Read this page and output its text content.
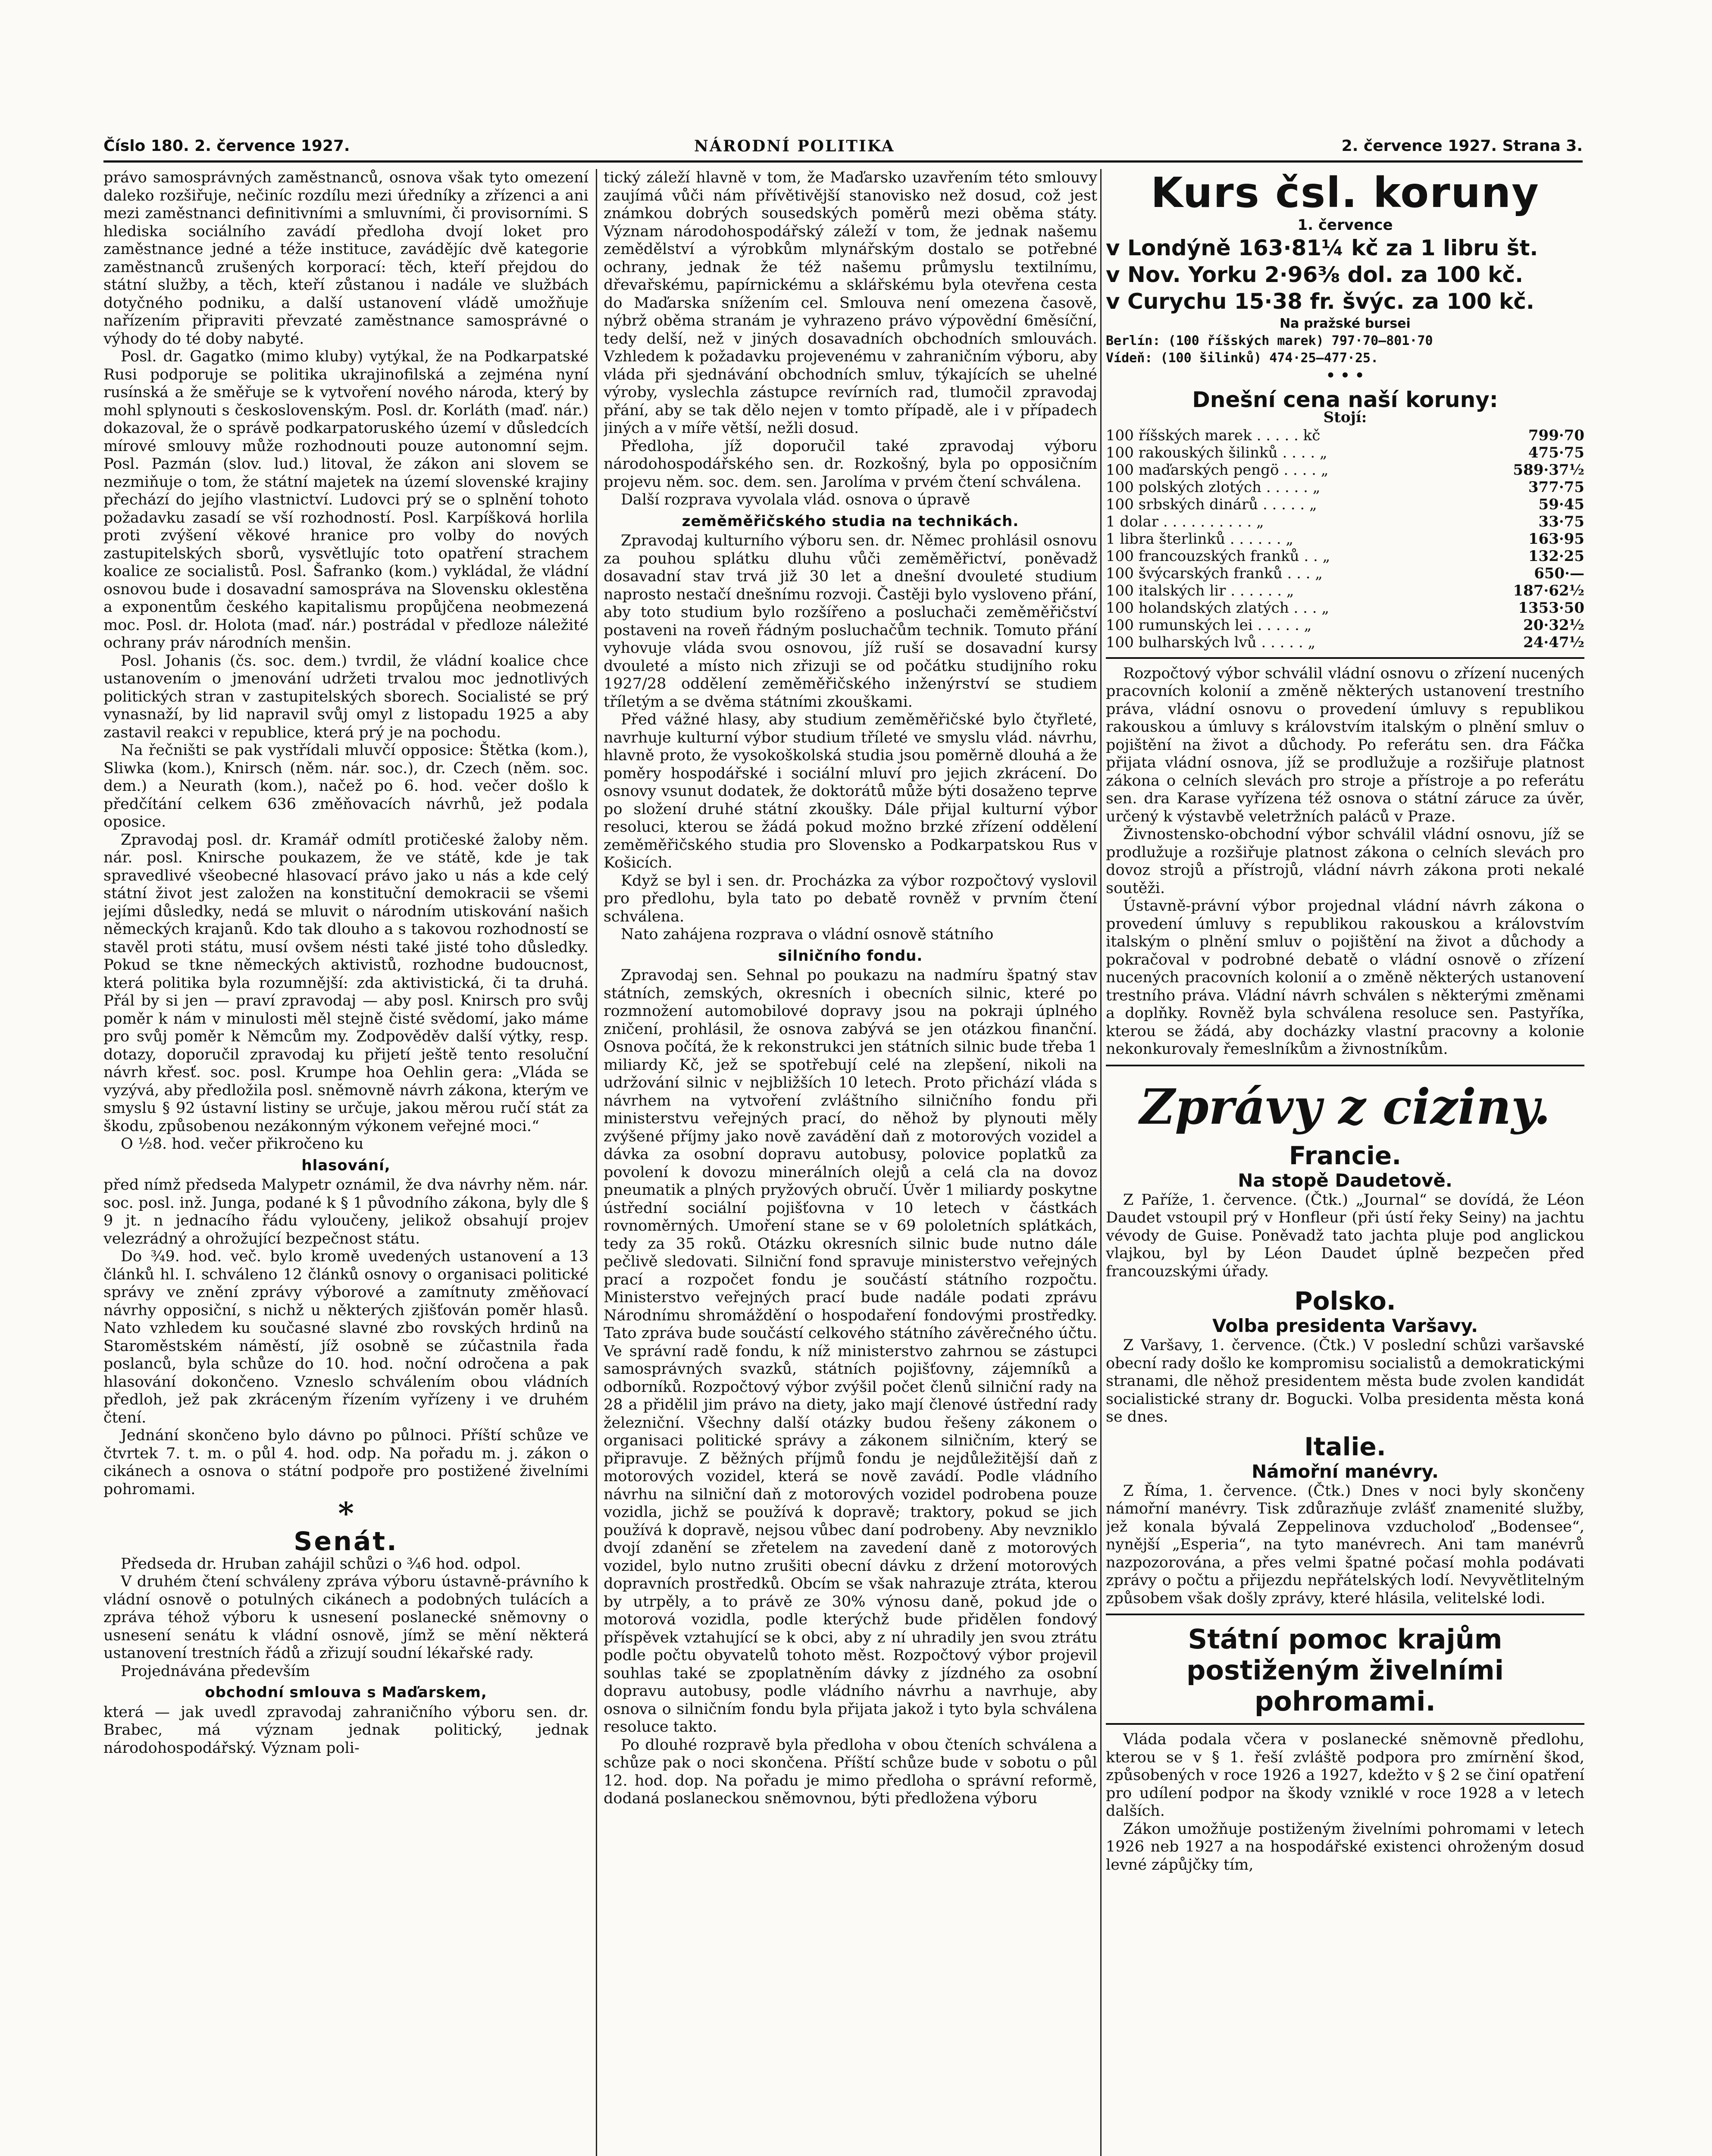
Číslo 180. 2. července 1927.	NÁRODNÍ POLITIKA	2. července 1927. Strana 3.

právo samosprávných zaměstnanců, osnova však tyto omezení daleko rozšiřuje, nečiníc rozdílu mezi úředníky a zřízenci a ani mezi zaměstnanci definitivními a smluvními, či provisorními. S hlediska sociálního zavádí předloha dvojí loket pro zaměstnance jedné a téže instituce, zavádějíc dvě kategorie zaměstnanců zrušených korporací: těch, kteří přejdou do státní služby, a těch, kteří zůstanou i nadále ve službách dotyčného podniku, a další ustanovení vládě umožňuje nařízením připraviti převzaté zaměstnance samosprávné o výhody do té doby nabyté.

Posl. dr. Gagatko (mimo kluby) vytýkal, že na Podkarpatské Rusi podporuje se politika ukrajinofilská a zejména nyní rusínská a že směřuje se k vytvoření nového národa, který by mohl splynouti s československým. Posl. dr. Korláth (maď. nár.) dokazoval, že o správě podkarpatoruského území v důsledcích mírové smlouvy může rozhodnouti pouze autonomní sejm. Posl. Pazmán (slov. lud.) litoval, že zákon ani slovem se nezmiňuje o tom, že státní majetek na území slovenské krajiny přechází do jejího vlastnictví. Ludovci prý se o splnění tohoto požadavku zasadí se vší rozhodností. Posl. Karpíšková horlila proti zvýšení věkové hranice pro volby do nových zastupitelských sborů, vysvětlujíc toto opatření strachem koalice ze socialistů. Posl. Šafranko (kom.) vykládal, že vládní osnovou bude i dosavadní samospráva na Slovensku oklestěna a exponentům českého kapitalismu propůjčena neobmezená moc. Posl. dr. Holota (maď. nár.) postrádal v předloze náležité ochrany práv národních menšin.

Posl. Johanis (čs. soc. dem.) tvrdil, že vládní koalice chce ustanovením o jmenování udržeti trvalou moc jednotlivých politických stran v zastupitelských sborech. Socialisté se prý vynasnaží, by lid napravil svůj omyl z listopadu 1925 a aby zastavil reakci v republice, která prý je na pochodu.

Na řečništi se pak vystřídali mluvčí opposice: Štětka (kom.), Sliwka (kom.), Knirsch (něm. nár. soc.), dr. Czech (něm. soc. dem.) a Neurath (kom.), načež po 6. hod. večer došlo k předčítání celkem 636 změňovacích návrhů, jež podala oposice.

Zpravodaj posl. dr. Kramář odmítl protičeské žaloby něm. nár. posl. Knirsche poukazem, že ve státě, kde je tak spravedlivé všeobecné hlasovací právo jako u nás a kde celý státní život jest založen na konstituční demokracii se všemi jejími důsledky, nedá se mluvit o národním utiskování našich německých krajanů. Kdo tak dlouho a s takovou rozhodností se stavěl proti státu, musí ovšem nésti také jisté toho důsledky. Pokud se tkne německých aktivistů, rozhodne budoucnost, která politika byla rozumnější: zda aktivistická, či ta druhá. Přál by si jen — praví zpravodaj — aby posl. Knirsch pro svůj poměr k nám v minulosti měl stejně čisté svědomí, jako máme pro svůj poměr k Němcům my. Zodpověděv další výtky, resp. dotazy, doporučil zpravodaj ku přijetí ještě tento resoluční návrh křesť. soc. posl. Krumpe hoa Oehlin gera: „Vláda se vyzývá, aby předložila posl. sněmovně návrh zákona, kterým ve smyslu § 92 ústavní listiny se určuje, jakou měrou ručí stát za škodu, způsobenou nezákonným výkonem veřejné moci.“

O ½8. hod. večer přikročeno ku

hlasování,

před nímž předseda Malypetr oznámil, že dva návrhy něm. nár. soc. posl. inž. Junga, podané k § 1 původního zákona, byly dle § 9 jt. n jednacího řádu vyloučeny, jelikož obsahují projev velezrádný a ohrožující bezpečnost státu.

Do ¾9. hod. več. bylo kromě uvedených ustanovení a 13 článků hl. I. schváleno 12 článků osnovy o organisaci politické správy ve znění zprávy výborové a zamítnuty změňovací návrhy opposiční, s nichž u některých zjišťován poměr hlasů. Nato vzhledem ku současné slavné zbo rovských hrdinů na Staroměstském náměstí, jíž osobně se zúčastnila řada poslanců, byla schůze do 10. hod. noční odročena a pak hlasování dokončeno. Vzneslo schválením obou vládních předloh, jež pak zkráceným řízením vyřízeny i ve druhém čtení.

Jednání skončeno bylo dávno po půlnoci. Příští schůze ve čtvrtek 7. t. m. o půl 4. hod. odp. Na pořadu m. j. zákon o cikánech a osnova o státní podpoře pro postižené živelními pohromami.

*
Senát.

Předseda dr. Hruban zahájil schůzi o ¾6 hod. odpol.

V druhém čtení schváleny zpráva výboru ústavně-právního k vládní osnově o potulných cikánech a podobných tulácích a zpráva téhož výboru k usnesení poslanecké sněmovny o usnesení senátu k vládní osnově, jímž se mění některá ustanovení trestních řádů a zřizují soudní lékařské rady.

Projednávána především

obchodní smlouva s Maďarskem,

která — jak uvedl zpravodaj zahraničního výboru sen. dr. Brabec, má význam jednak politický, jednak národohospodářský. Význam poli-

tický záleží hlavně v tom, že Maďarsko uzavřením této smlouvy zaujímá vůči nám přívětivější stanovisko než dosud, což jest známkou dobrých sousedských poměrů mezi oběma státy. Význam národohospodářský záleží v tom, že jednak našemu zemědělství a výrobkům mlynářským dostalo se potřebné ochrany, jednak že též našemu průmyslu textilnímu, dřevařskému, papírnickému a sklářskému byla otevřena cesta do Maďarska snížením cel. Smlouva není omezena časově, nýbrž oběma stranám je vyhrazeno právo výpovědní 6měsíční, tedy delší, než v jiných dosavadních obchodních smlouvách. Vzhledem k požadavku projevenému v zahraničním výboru, aby vláda při sjednávání obchodních smluv, týkajících se uhelné výroby, vyslechla zástupce revírních rad, tlumočil zpravodaj přání, aby se tak dělo nejen v tomto případě, ale i v případech jiných a v míře větší, nežli dosud.

Předloha, jíž doporučil také zpravodaj výboru národohospodářského sen. dr. Rozkošný, byla po opposičním projevu něm. soc. dem. sen. Jarolíma v prvém čtení schválena.

Další rozprava vyvolala vlád. osnova o úpravě

zeměměřičského studia na technikách.

Zpravodaj kulturního výboru sen. dr. Němec prohlásil osnovu za pouhou splátku dluhu vůči zeměměřictví, poněvadž dosavadní stav trvá již 30 let a dnešní dvouleté studium naprosto nestačí dnešnímu rozvoji. Častěji bylo vysloveno přání, aby toto studium bylo rozšířeno a posluchači zeměměřičství postaveni na roveň řádným posluchačům technik. Tomuto přání vyhovuje vláda svou osnovou, jíž ruší se dosavadní kursy dvouleté a místo nich zřizuji se od počátku studijního roku 1927/28 oddělení zeměměřičského inženýrství se studiem tříletým a se dvěma státními zkouškami.

Před vážné hlasy, aby studium zeměměřičské bylo čtyřleté, navrhuje kulturní výbor studium tříleté ve smyslu vlád. návrhu, hlavně proto, že vysokoškolská studia jsou poměrně dlouhá a že poměry hospodářské i sociální mluví pro jejich zkrácení. Do osnovy vsunut dodatek, že doktorátů může býti dosaženo teprve po složení druhé státní zkoušky. Dále přijal kulturní výbor resoluci, kterou se žádá pokud možno brzké zřízení oddělení zeměměřičského studia pro Slovensko a Podkarpatskou Rus v Košicích.

Když se byl i sen. dr. Procházka za výbor rozpočtový vyslovil pro předlohu, byla tato po debatě rovněž v prvním čtení schválena.

Nato zahájena rozprava o vládní osnově státního

silničního fondu.

Zpravodaj sen. Sehnal po poukazu na nadmíru špatný stav státních, zemských, okresních i obecních silnic, které po rozmnožení automobilové dopravy jsou na pokraji úplného zničení, prohlásil, že osnova zabývá se jen otázkou finanční. Osnova počítá, že k rekonstrukci jen státních silnic bude třeba 1 miliardy Kč, jež se spotřebují celé na zlepšení, nikoli na udržování silnic v nejbližších 10 letech. Proto přichází vláda s návrhem na vytvoření zvláštního silničního fondu při ministerstvu veřejných prací, do něhož by plynouti měly zvýšené příjmy jako nově zavádění daň z motorových vozidel a dávka za osobní dopravu autobusy, polovice poplatků za povolení k dovozu minerálních olejů a celá cla na dovoz pneumatik a plných pryžových obručí. Úvěr 1 miliardy poskytne ústřední sociální pojišťovna v 10 letech v částkách rovnoměrných. Umoření stane se v 69 pololetních splátkách, tedy za 35 roků. Otázku okresních silnic bude nutno dále pečlivě sledovati. Silniční fond spravuje ministerstvo veřejných prací a rozpočet fondu je součástí státního rozpočtu. Ministerstvo veřejných prací bude nadále podati zprávu Národnímu shromáždění o hospodaření fondovými prostředky. Tato zpráva bude součástí celkového státního závěrečného účtu. Ve správní radě fondu, k níž ministerstvo zahrnou se zástupci samosprávných svazků, státních pojišťovny, zájemníků a odborníků. Rozpočtový výbor zvýšil počet členů silniční rady na 28 a přidělil jim právo na diety, jako mají členové ústřední rady železniční. Všechny další otázky budou řešeny zákonem o organisaci politické správy a zákonem silničním, který se připravuje. Z běžných příjmů fondu je nejdůležitější daň z motorových vozidel, která se nově zavádí. Podle vládního návrhu na silniční daň z motorových vozidel podrobena pouze vozidla, jichž se používá k dopravě; traktory, pokud se jich používá k dopravě, nejsou vůbec daní podrobeny. Aby nevzniklo dvojí zdanění se zřetelem na zavedení daně z motorových vozidel, bylo nutno zrušiti obecní dávku z držení motorových dopravních prostředků. Obcím se však nahrazuje ztráta, kterou by utrpěly, a to právě ze 30% výnosu daně, pokud jde o motorová vozidla, podle kterýchž bude přidělen fondový příspěvek vztahující se k obci, aby z ní uhradily jen svou ztrátu podle počtu obyvatelů tohoto měst. Rozpočtový výbor projevil souhlas také se zpoplatněním dávky z jízdného za osobní dopravu autobusy, podle vládního návrhu a navrhuje, aby osnova o silničním fondu byla přijata jakož i tyto byla schválena resoluce takto.

Po dlouhé rozpravě byla předloha v obou čteních schválena a schůze pak o noci skončena. Příští schůze bude v sobotu o půl 12. hod. dop. Na pořadu je mimo předloha o správní reformě, dodaná poslaneckou sněmovnou, býti předložena výboru

Kurs čsl. koruny
1. července
v Londýně 163·81¼ kč za 1 libru št.
v Nov. Yorku 2·96⅜ dol. za 100 kč.
v Curychu 15·38 fr. švýc. za 100 kč.
Na pražské bursei
Berlín: (100 říšských marek) 797·70—801·70
Vídeň: (100 šilinků) 474·25—477·25.
• • •
Dnešní cena naší koruny:
Stojí:
100 říšských marek . . . . . kč	799·70
100 rakouských šilinků . . . . „	475·75
100 maďarských pengö . . . . „	589·37½
100 polských zlotých . . . . . „	377·75
100 srbských dinárů . . . . . „	59·45
1 dolar . . . . . . . . . . „	33·75
1 libra šterlinků . . . . . . „	163·95
100 francouzských franků . . „	132·25
100 švýcarských franků . . . „	650·—
100 italských lir . . . . . . „	187·62½
100 holandských zlatých . . . „	1353·50
100 rumunských lei . . . . . „	20·32½
100 bulharských lvů . . . . . „	24·47½

Rozpočtový výbor schválil vládní osnovu o zřízení nucených pracovních kolonií a změně některých ustanovení trestního práva, vládní osnovu o provedení úmluvy s republikou rakouskou a úmluvy s královstvím italským o plnění smluv o pojištění na život a důchody. Po referátu sen. dra Fáčka přijata vládní osnova, jíž se prodlužuje a rozšiřuje platnost zákona o celních slevách pro stroje a přístroje a po referátu sen. dra Karase vyřízena též osnova o státní záruce za úvěr, určený k výstavbě veletržních paláců v Praze.

Živnostensko-obchodní výbor schválil vládní osnovu, jíž se prodlužuje a rozšiřuje platnost zákona o celních slevách pro dovoz strojů a přístrojů, vládní návrh zákona proti nekalé soutěži.

Ústavně-právní výbor projednal vládní návrh zákona o provedení úmluvy s republikou rakouskou a královstvím italským o plnění smluv o pojištění na život a důchody a pokračoval v podrobné debatě o vládní osnově o zřízení nucených pracovních kolonií a o změně některých ustanovení trestního práva. Vládní návrh schválen s některými změnami a doplňky. Rovněž byla schválena resoluce sen. Pastyříka, kterou se žádá, aby docházky vlastní pracovny a kolonie nekonkurovaly řemeslníkům a živnostníkům.

Zprávy z ciziny.
Francie.
Na stopě Daudetově.

Z Paříže, 1. července. (Čtk.) „Journal“ se dovídá, že Léon Daudet vstoupil prý v Honfleur (při ústí řeky Seiny) na jachtu vévody de Guise. Poněvadž tato jachta pluje pod anglickou vlajkou, byl by Léon Daudet úplně bezpečen před francouzskými úřady.

Polsko.
Volba presidenta Varšavy.

Z Varšavy, 1. července. (Čtk.) V poslední schůzi varšavské obecní rady došlo ke kompromisu socialistů a demokratickými stranami, dle něhož presidentem města bude zvolen kandidát socialistické strany dr. Bogucki. Volba presidenta města koná se dnes.

Italie.
Námořní manévry.

Z Říma, 1. července. (Čtk.) Dnes v noci byly skončeny námořní manévry. Tisk zdůrazňuje zvlášť znamenité služby, jež konala bývalá Zeppelinova vzducholoď „Bodensee“, nynější „Esperia“, na tyto manévrech. Ani tam manévrů nazpozorována, a přes velmi špatné počasí mohla podávati zprávy o počtu a přijezdu nepřátelských lodí. Nevyvětlitelným způsobem však došly zprávy, které hlásila, velitelské lodi.

Státní pomoc krajům postiženým živelními pohromami.

Vláda podala včera v poslanecké sněmovně předlohu, kterou se v § 1. řeší zvláště podpora pro zmírnění škod, způsobených v roce 1926 a 1927, kdežto v § 2 se činí opatření pro udílení podpor na škody vzniklé v roce 1928 a v letech dalších.

Zákon umožňuje postiženým živelními pohromami v letech 1926 neb 1927 a na hospodářské existenci ohroženým dosud levné zápůjčky tím,
